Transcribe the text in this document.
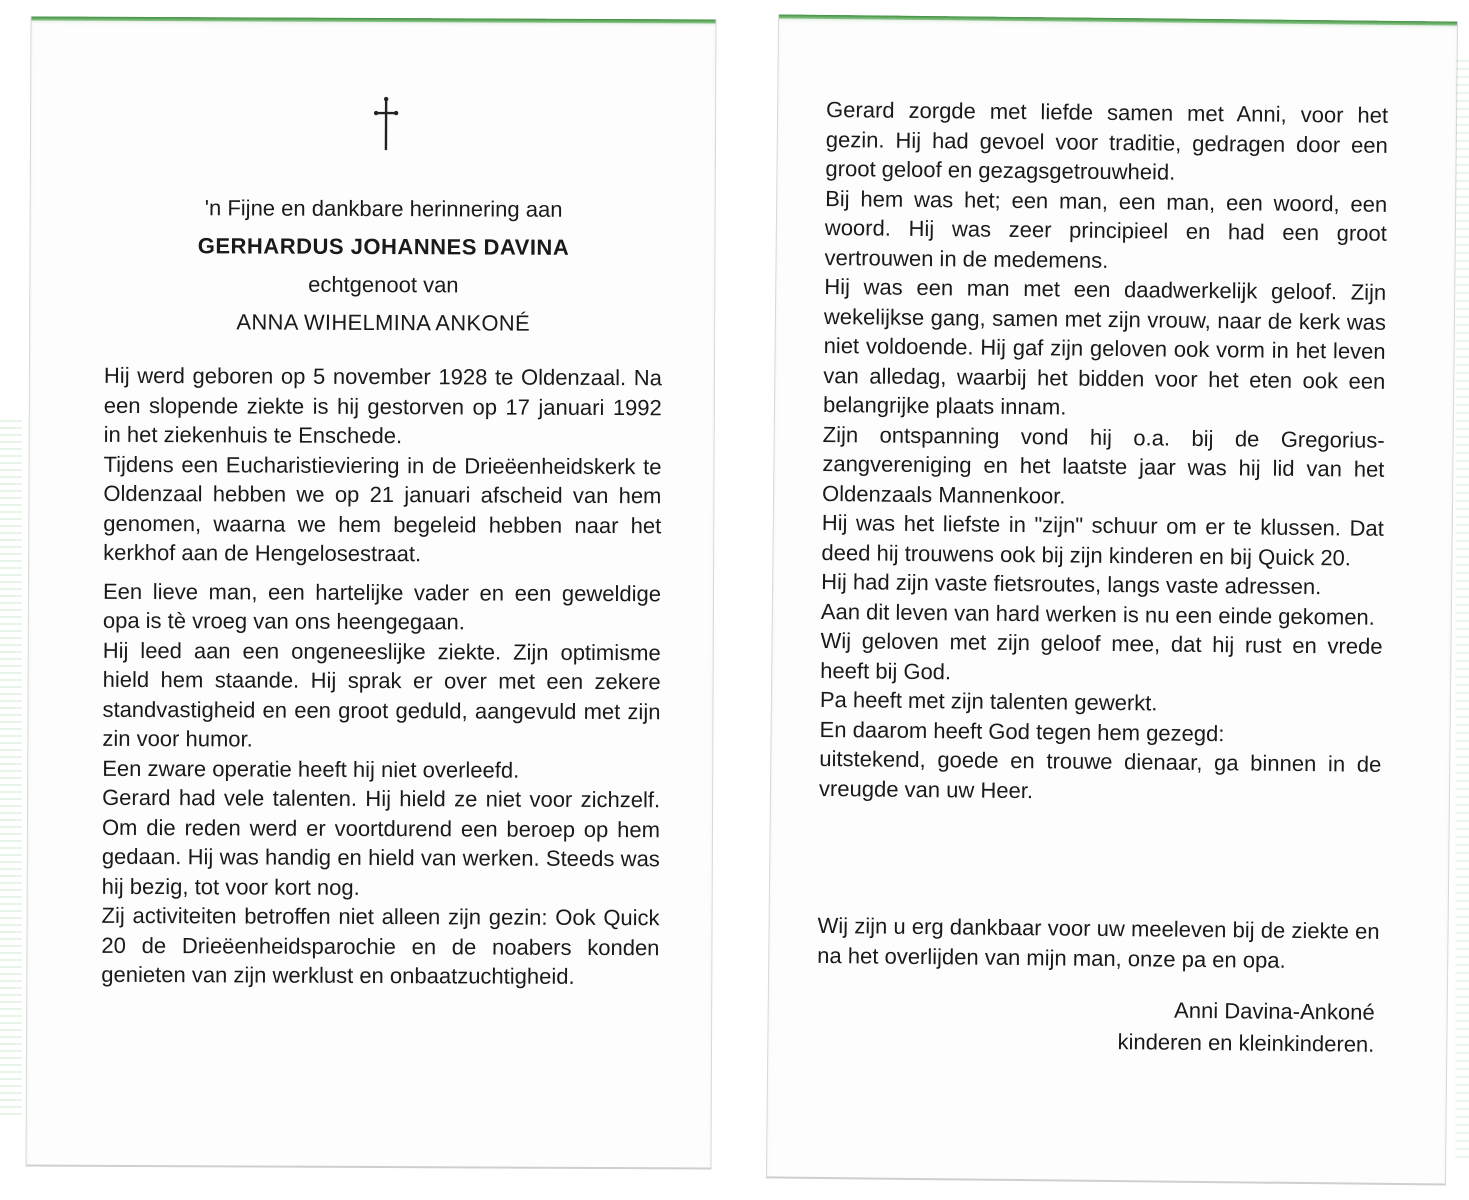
'n Fijne en dankbare herinnering aan
GERHARDUS JOHANNES DAVINA
echtgenoot van
ANNA WIHELMINA ANKONÉ

Hij werd geboren op 5 november 1928 te Oldenzaal. Na een slopende ziekte is hij gestorven op 17 januari 1992 in het ziekenhuis te Enschede.

Tijdens een Eucharistieviering in de Drieëenheidskerk te Oldenzaal hebben we op 21 januari afscheid van hem genomen, waarna we hem begeleid hebben naar het kerkhof aan de Hengelosestraat.

Een lieve man, een hartelijke vader en een geweldige opa is tè vroeg van ons heengegaan.

Hij leed aan een ongeneeslijke ziekte. Zijn optimisme hield hem staande. Hij sprak er over met een zekere standvastigheid en een groot geduld, aangevuld met zijn zin voor humor.

Een zware operatie heeft hij niet overleefd.

Gerard had vele talenten. Hij hield ze niet voor zichzelf. Om die reden werd er voortdurend een beroep op hem gedaan. Hij was handig en hield van werken. Steeds was hij bezig, tot voor kort nog.

Zij activiteiten betroffen niet alleen zijn gezin: Ook Quick 20 de Drieëenheidsparochie en de noabers konden genieten van zijn werklust en onbaatzuchtigheid.

Gerard zorgde met liefde samen met Anni, voor het gezin. Hij had gevoel voor traditie, gedragen door een groot geloof en gezagsgetrouwheid.

Bij hem was het; een man, een man, een woord, een woord. Hij was zeer principieel en had een groot vertrouwen in de medemens.

Hij was een man met een daadwerkelijk geloof. Zijn wekelijkse gang, samen met zijn vrouw, naar de kerk was niet voldoende. Hij gaf zijn geloven ook vorm in het leven van alledag, waarbij het bidden voor het eten ook een belangrijke plaats innam.

Zijn ontspanning vond hij o.a. bij de Gregorius-zangvereniging en het laatste jaar was hij lid van het Oldenzaals Mannenkoor.

Hij was het liefste in "zijn" schuur om er te klussen. Dat deed hij trouwens ook bij zijn kinderen en bij Quick 20.

Hij had zijn vaste fietsroutes, langs vaste adressen.

Aan dit leven van hard werken is nu een einde gekomen.

Wij geloven met zijn geloof mee, dat hij rust en vrede heeft bij God.

Pa heeft met zijn talenten gewerkt.

En daarom heeft God tegen hem gezegd:

uitstekend, goede en trouwe dienaar, ga binnen in de vreugde van uw Heer.

Wij zijn u erg dankbaar voor uw meeleven bij de ziekte en na het overlijden van mijn man, onze pa en opa.

Anni Davina-Ankoné
kinderen en kleinkinderen.
